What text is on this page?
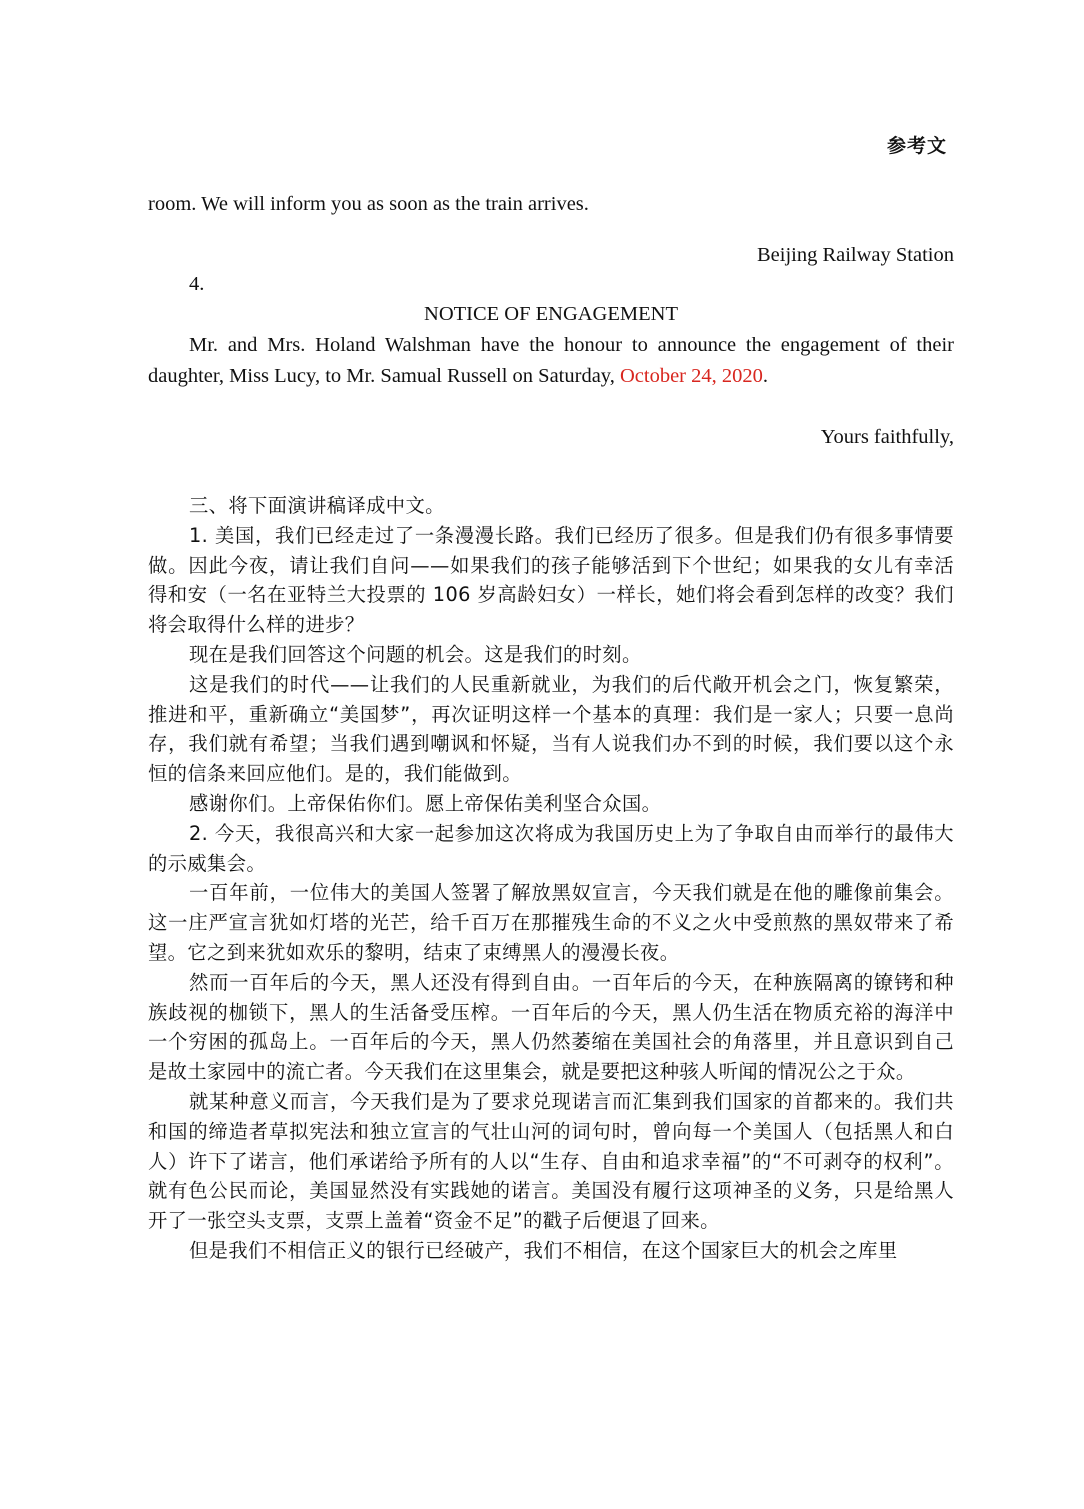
参考文

room. We will inform you as soon as the train arrives.

Beijing Railway Station

4.

NOTICE OF ENGAGEMENT

Mr. and Mrs. Holand Walshman have the honour to announce the engagement of their daughter, Miss Lucy, to Mr. Samual Russell on Saturday, October 24, 2020.

Yours faithfully,

三、将下面演讲稿译成中文。

1. 美国，我们已经走过了一条漫漫长路。我们已经历了很多。但是我们仍有很多事情要做。因此今夜，请让我们自问——如果我们的孩子能够活到下个世纪；如果我的女儿有幸活得和安（一名在亚特兰大投票的 106 岁高龄妇女）一样长，她们将会看到怎样的改变？我们将会取得什么样的进步？

现在是我们回答这个问题的机会。这是我们的时刻。

这是我们的时代——让我们的人民重新就业，为我们的后代敞开机会之门，恢复繁荣，推进和平，重新确立“美国梦”，再次证明这样一个基本的真理：我们是一家人；只要一息尚存，我们就有希望；当我们遇到嘲讽和怀疑，当有人说我们办不到的时候，我们要以这个永恒的信条来回应他们。是的，我们能做到。

感谢你们。上帝保佑你们。愿上帝保佑美利坚合众国。

2. 今天，我很高兴和大家一起参加这次将成为我国历史上为了争取自由而举行的最伟大的示威集会。

一百年前，一位伟大的美国人签署了解放黑奴宣言，今天我们就是在他的雕像前集会。这一庄严宣言犹如灯塔的光芒，给千百万在那摧残生命的不义之火中受煎熬的黑奴带来了希望。它之到来犹如欢乐的黎明，结束了束缚黑人的漫漫长夜。

然而一百年后的今天，黑人还没有得到自由。一百年后的今天，在种族隔离的镣铐和种族歧视的枷锁下，黑人的生活备受压榨。一百年后的今天，黑人仍生活在物质充裕的海洋中一个穷困的孤岛上。一百年后的今天，黑人仍然萎缩在美国社会的角落里，并且意识到自己是故土家园中的流亡者。今天我们在这里集会，就是要把这种骇人听闻的情况公之于众。

就某种意义而言，今天我们是为了要求兑现诺言而汇集到我们国家的首都来的。我们共和国的缔造者草拟宪法和独立宣言的气壮山河的词句时，曾向每一个美国人（包括黑人和白人）许下了诺言，他们承诺给予所有的人以“生存、自由和追求幸福”的“不可剥夺的权利”。就有色公民而论，美国显然没有实践她的诺言。美国没有履行这项神圣的义务，只是给黑人开了一张空头支票，支票上盖着“资金不足”的戳子后便退了回来。

但是我们不相信正义的银行已经破产，我们不相信，在这个国家巨大的机会之库里
